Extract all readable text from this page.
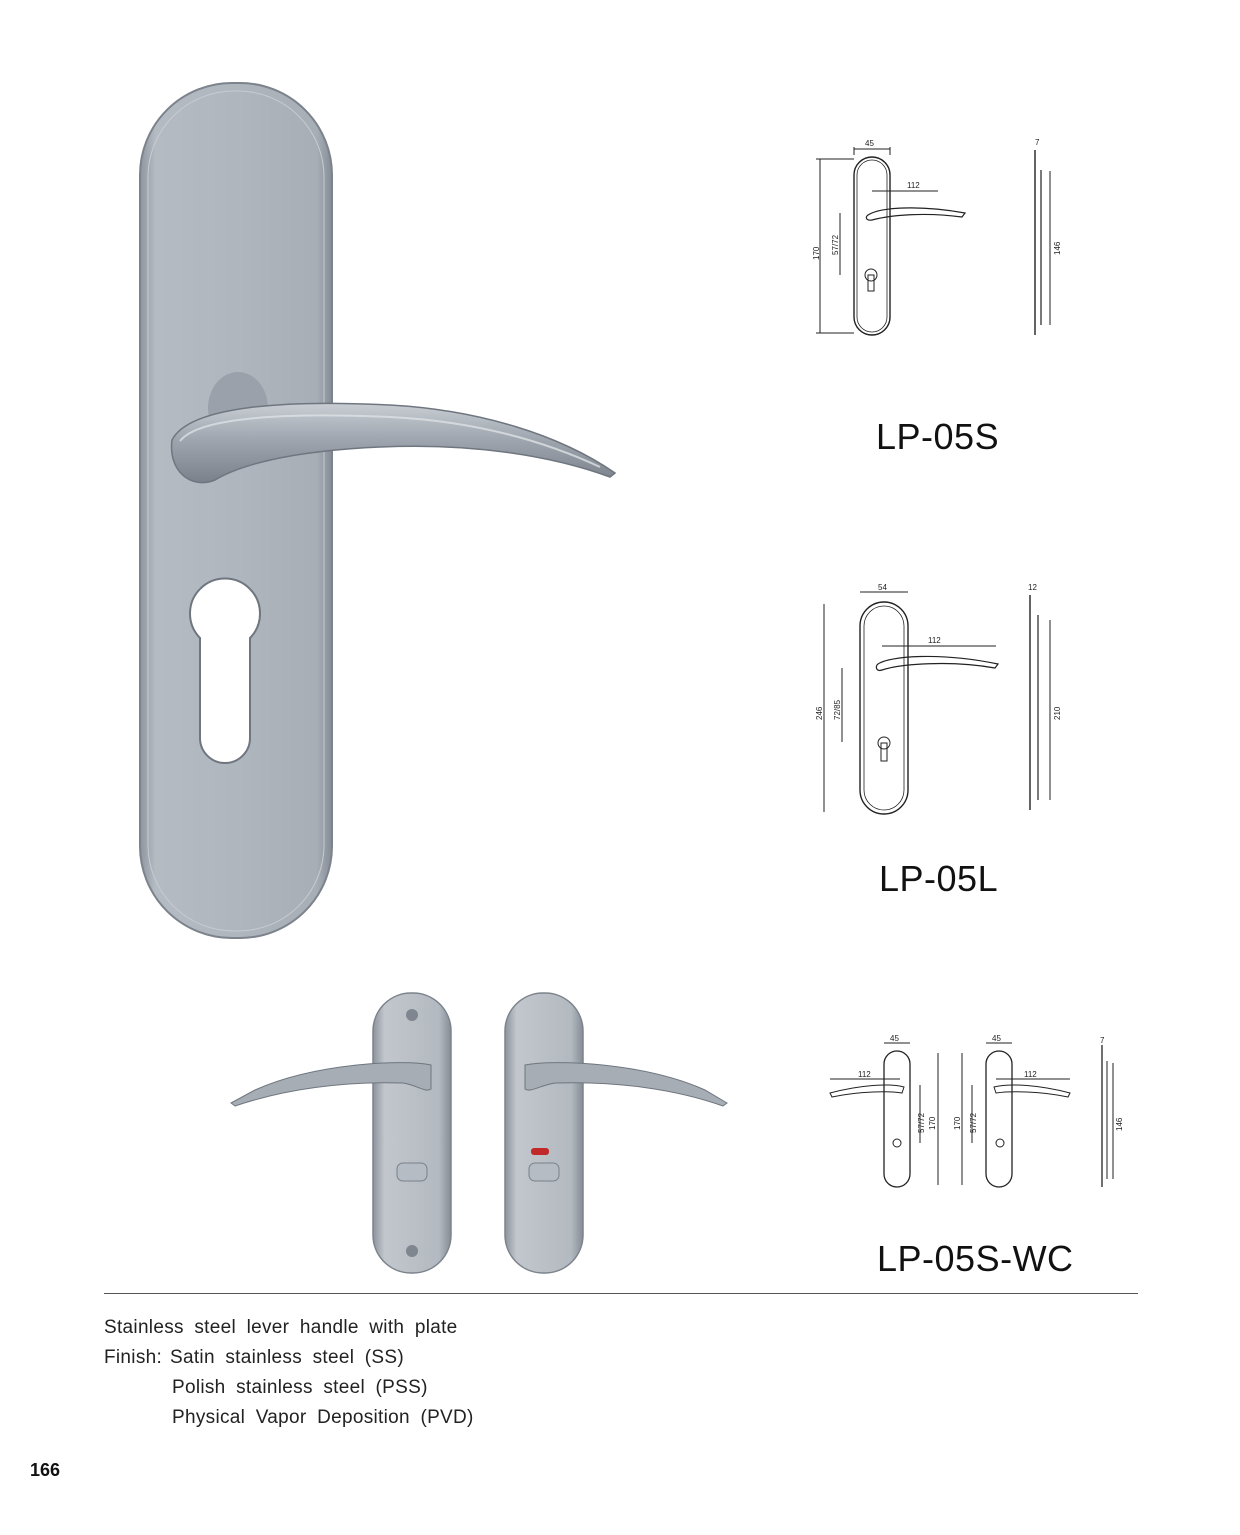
45
112
7
170 57/72	146
LP-05S
54
112
12
246 72/85	210
LP-05L
45
112
170
57/72
45
112
170 57/72
7
146
LP-05S-WC
Stainless steel lever handle with plate
Finish: Satin stainless steel (SS)
Polish stainless steel (PSS)
Physical Vapor Deposition (PVD)
166
